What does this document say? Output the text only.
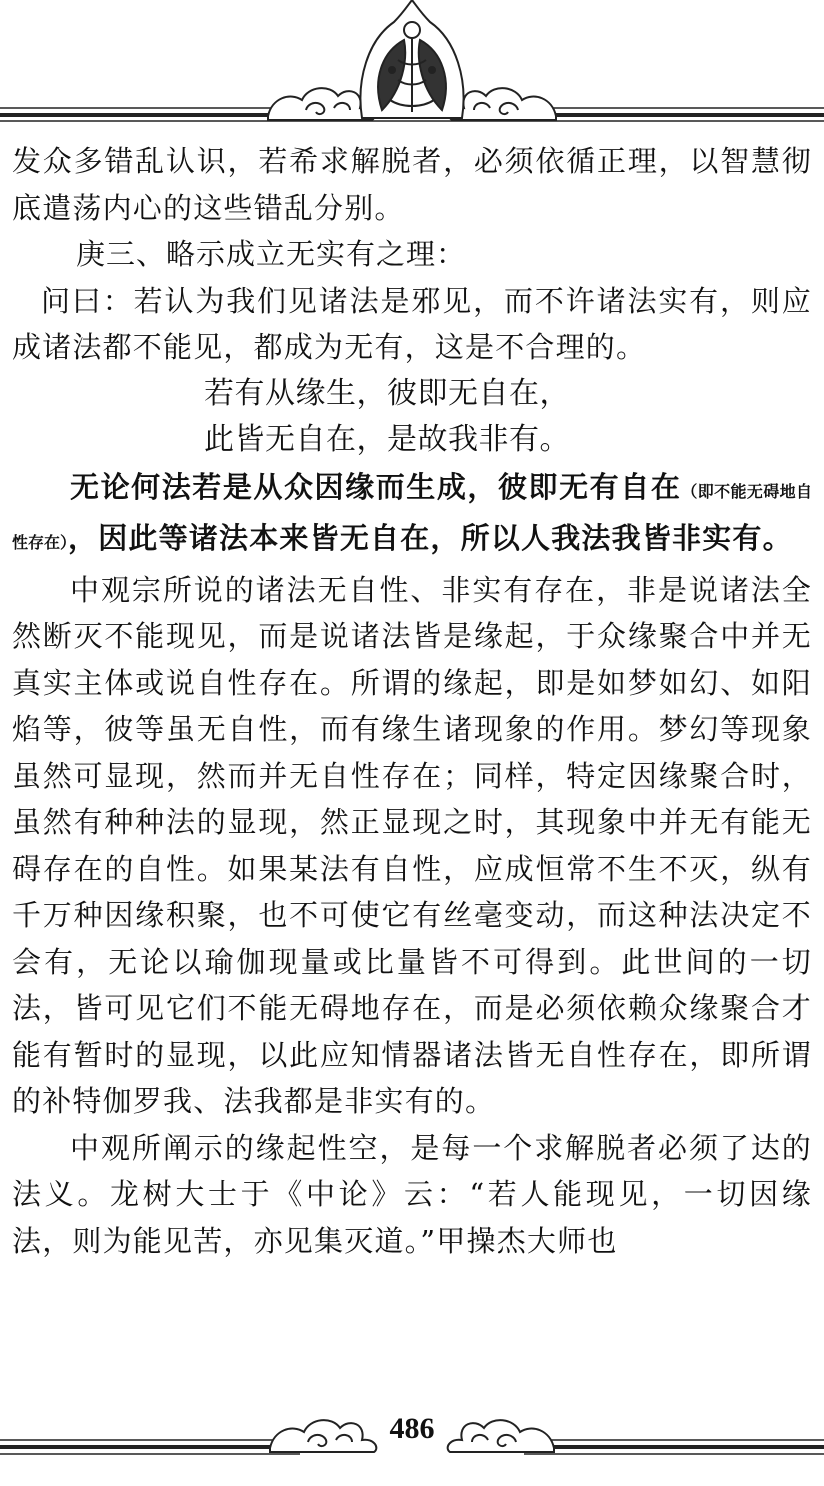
发众多错乱认识，若希求解脱者，必须依循正理，以智慧彻底遣荡内心的这些错乱分别。

庚三、略示成立无实有之理：

问曰：若认为我们见诸法是邪见，而不许诸法实有，则应成诸法都不能见，都成为无有，这是不合理的。

若有从缘生，彼即无自在，

此皆无自在，是故我非有。

无论何法若是从众因缘而生成，彼即无有自在（即不能无碍地自性存在），因此等诸法本来皆无自在，所以人我法我皆非实有。

中观宗所说的诸法无自性、非实有存在，非是说诸法全然断灭不能现见，而是说诸法皆是缘起，于众缘聚合中并无真实主体或说自性存在。所谓的缘起，即是如梦如幻、如阳焰等，彼等虽无自性，而有缘生诸现象的作用。梦幻等现象虽然可显现，然而并无自性存在；同样，特定因缘聚合时，虽然有种种法的显现，然正显现之时，其现象中并无有能无碍存在的自性。如果某法有自性，应成恒常不生不灭，纵有千万种因缘积聚，也不可使它有丝毫变动，而这种法决定不会有，无论以瑜伽现量或比量皆不可得到。此世间的一切法，皆可见它们不能无碍地存在，而是必须依赖众缘聚合才能有暂时的显现，以此应知情器诸法皆无自性存在，即所谓的补特伽罗我、法我都是非实有的。

中观所阐示的缘起性空，是每一个求解脱者必须了达的法义。龙树大士于《中论》云：“若人能现见，一切因缘法，则为能见苦，亦见集灭道。”甲操杰大师也

486
